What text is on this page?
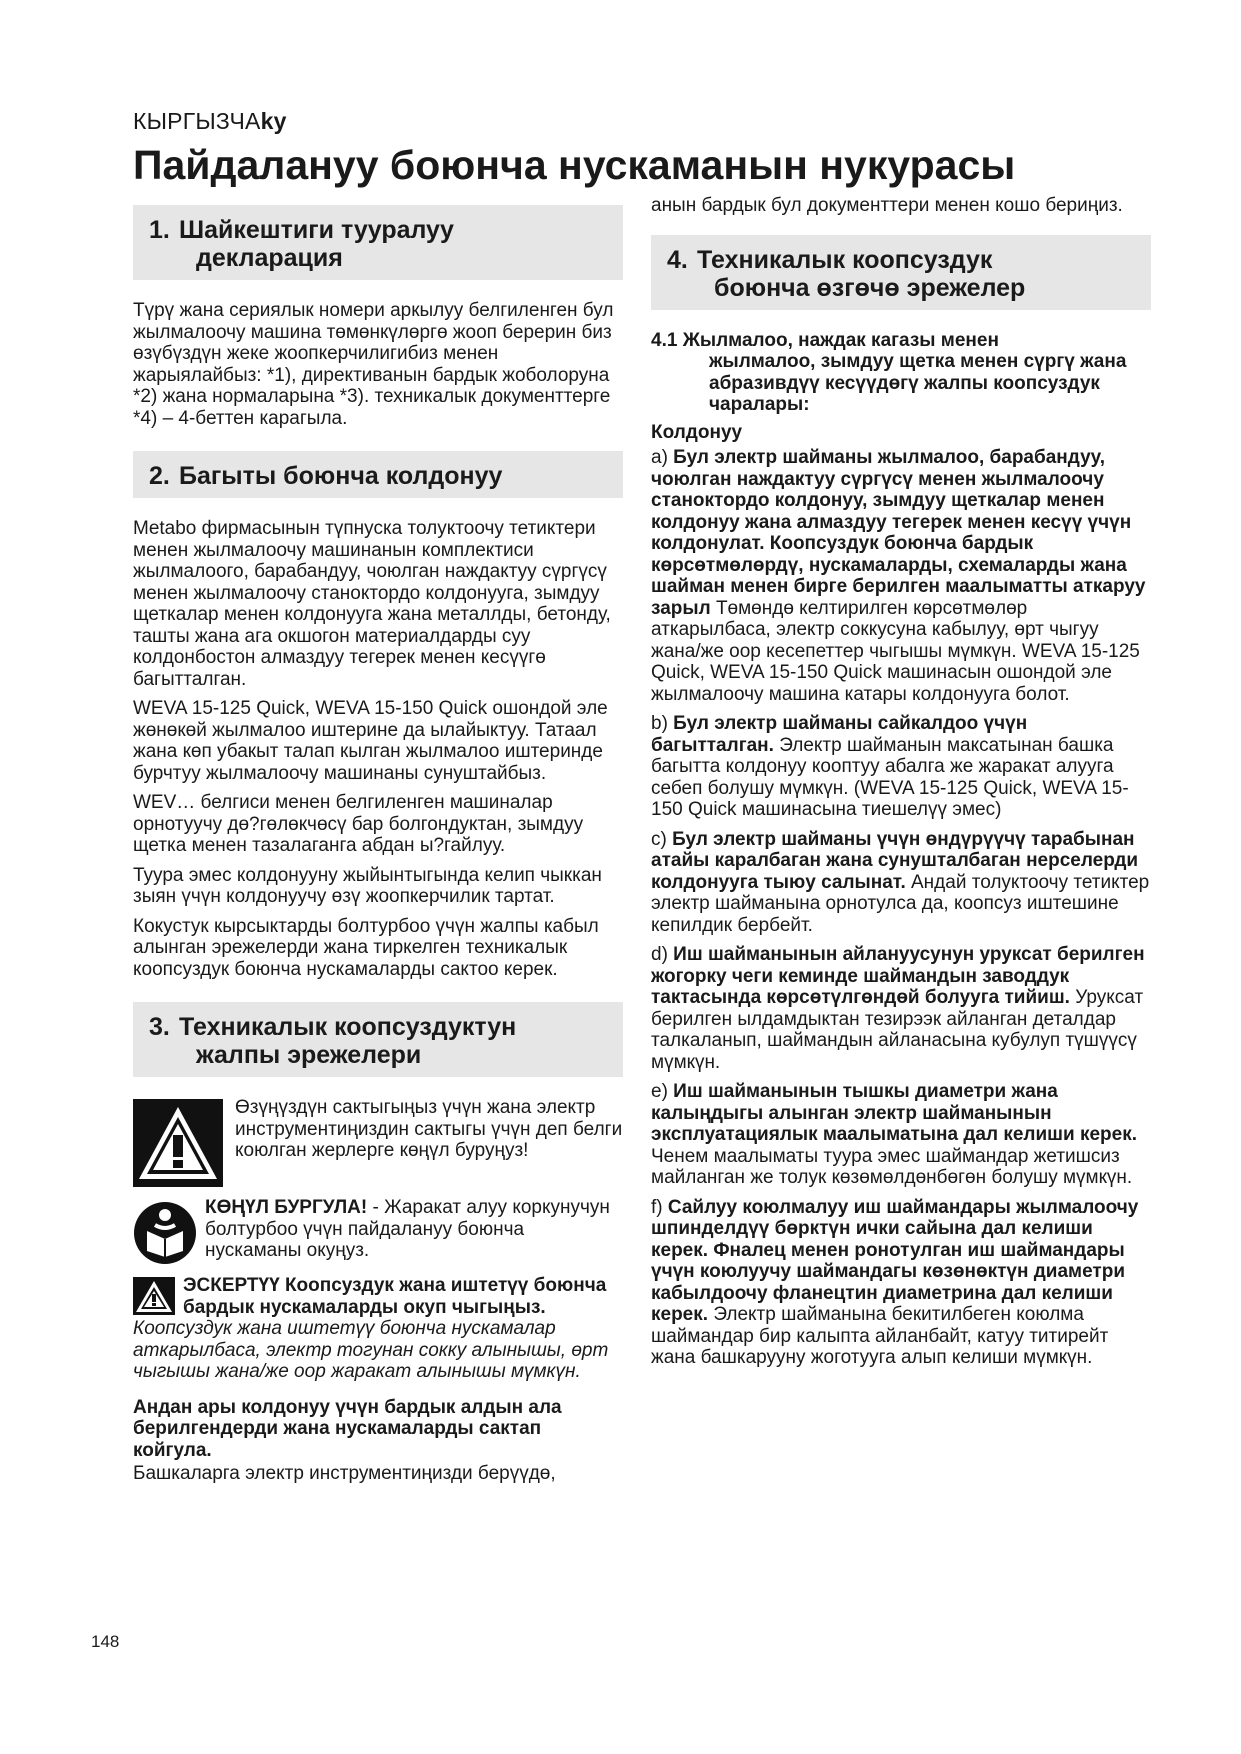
КЫРГЫЗЧАky
Пайдалануу боюнча нускаманын нукурасы
1. Шайкештиги тууралуу
декларация

Түрү жана сериялык номери аркылуу белгиленген бул жылмалоочу машина төмөнкүлөргө жооп берерин биз өзүбүздүн жеке жоопкерчилигибиз менен жарыялайбыз: *1), директиванын бардык жоболоруна *2) жана нормаларына *3). техникалык документтерге *4) – 4-беттен карагыла.

2. Багыты боюнча колдонуу

Metabo фирмасынын түпнуска толуктоочу тетиктери менен жылмалоочу машинанын комплектиси жылмалоого, барабандуу, чоюлган наждактуу сүргүсү менен жылмалоочу станоктордо колдонууга, зымдуу щеткалар менен колдонууга жана металлды, бетонду, ташты жана ага окшогон материалдарды суу колдонбостон алмаздуу тегерек менен кесүүгө багытталган.

WEVA 15-125 Quick, WEVA 15-150 Quick ошондой эле жөнөкөй жылмалоо иштерине да ылайыктуу. Татаал жана көп убакыт талап кылган жылмалоо иштеринде бурчтуу жылмалоочу машинаны сунуштайбыз.

WEV… белгиси менен белгиленген машиналар орнотуучу дө?гөлөкчөсү бар болгондуктан, зымдуу щетка менен тазалаганга абдан ы?гайлуу.

Туура эмес колдонууну жыйынтыгында келип чыккан зыян үчүн колдонуучу өзү жоопкерчилик тартат.

Кокустук кырсыктарды болтурбоо үчүн жалпы кабыл алынган эрежелерди жана тиркелген техникалык коопсуздук боюнча нускамаларды сактоо керек.

3. Техникалык коопсуздуктун
жалпы эрежелери
Өзүңүздүн сактыгыңыз үчүн жана электр инструментиңиздин сактыгы үчүн деп белги коюлган жерлерге көңүл буруңуз!
КӨҢҮЛ БУРГУЛА! - Жаракат алуу коркунучун болтурбоо үчүн пайдалануу боюнча нускаманы окуңуз.
ЭСКЕРТҮҮ Коопсуздук жана иштетүү боюнча бардык нускамаларды окуп чыгыңыз. Коопсуздук жана иштетүү боюнча нускамалар аткарылбаса, электр тогунан сокку алынышы, өрт чыгышы жана/же оор жаракат алынышы мүмкүн.

Андан ары колдонуу үчүн бардык алдын ала берилгендерди жана нускамаларды сактап койгула.

Башкаларга электр инструментиңизди берүүдө,

анын бардык бул документтери менен кошо бериңиз.

4. Техникалык коопсуздук
боюнча өзгөчө эрежелер
4.1 Жылмалоо, наждак кагазы менен
жылмалоо, зымдуу щетка менен сүргү жана абразивдүү кесүүдөгү жалпы коопсуздук чаралары:

Колдонуу

a) Бул электр шайманы жылмалоо, барабандуу, чоюлган наждактуу сүргүсү менен жылмалоочу станоктордо колдонуу, зымдуу щеткалар менен колдонуу жана алмаздуу тегерек менен кесүү үчүн колдонулат. Коопсуздук боюнча бардык көрсөтмөлөрдү, нускамаларды, схемаларды жана шайман менен бирге берилген маалыматты аткаруу зарыл Төмөндө келтирилген көрсөтмөлөр аткарылбаса, электр соккусуна кабылуу, өрт чыгуу жана/же оор кесепеттер чыгышы мүмкүн. WEVA 15-125 Quick, WEVA 15-150 Quick машинасын ошондой эле жылмалоочу машина катары колдонууга болот.

b) Бул электр шайманы сайкалдоо үчүн багытталган. Электр шайманын максатынан башка багытта колдонуу кооптуу абалга же жаракат алууга себеп болушу мүмкүн. (WEVA 15-125 Quick, WEVA 15-150 Quick машинасына тиешелүү эмес)

c) Бул электр шайманы үчүн өндүрүүчү тарабынан атайы каралбаган жана сунушталбаган нерселерди колдонууга тыюу салынат. Андай толуктоочу тетиктер электр шайманына орнотулса да, коопсуз иштешине кепилдик бербейт.

d) Иш шайманынын айлануусунун уруксат берилген жогорку чеги кеминде шаймандын заводдук тактасында көрсөтүлгөндөй болууга тийиш. Уруксат берилген ылдамдыктан тезирээк айланган деталдар талкаланып, шаймандын айланасына кубулуп түшүүсү мүмкүн.

e) Иш шайманынын тышкы диаметри жана калыңдыгы алынган электр шайманынын эксплуатациялык маалыматына дал келиши керек. Ченем маалыматы туура эмес шаймандар жетишсиз майланган же толук көзөмөлдөнбөгөн болушу мүмкүн.

f) Сайлуу коюлмалуу иш шаймандары жылмалоочу шпинделдүү бөрктүн ички сайына дал келиши керек. Фналец менен ронотулган иш шаймандары үчүн коюлуучу шаймандагы көзөнөктүн диаметри кабылдоочу фланецтин диаметрина дал келиши керек. Электр шайманына бекитилбеген коюлма шаймандар бир калыпта айланбайт, катуу титирейт жана башкарууну жоготууга алып келиши мүмкүн.

148
